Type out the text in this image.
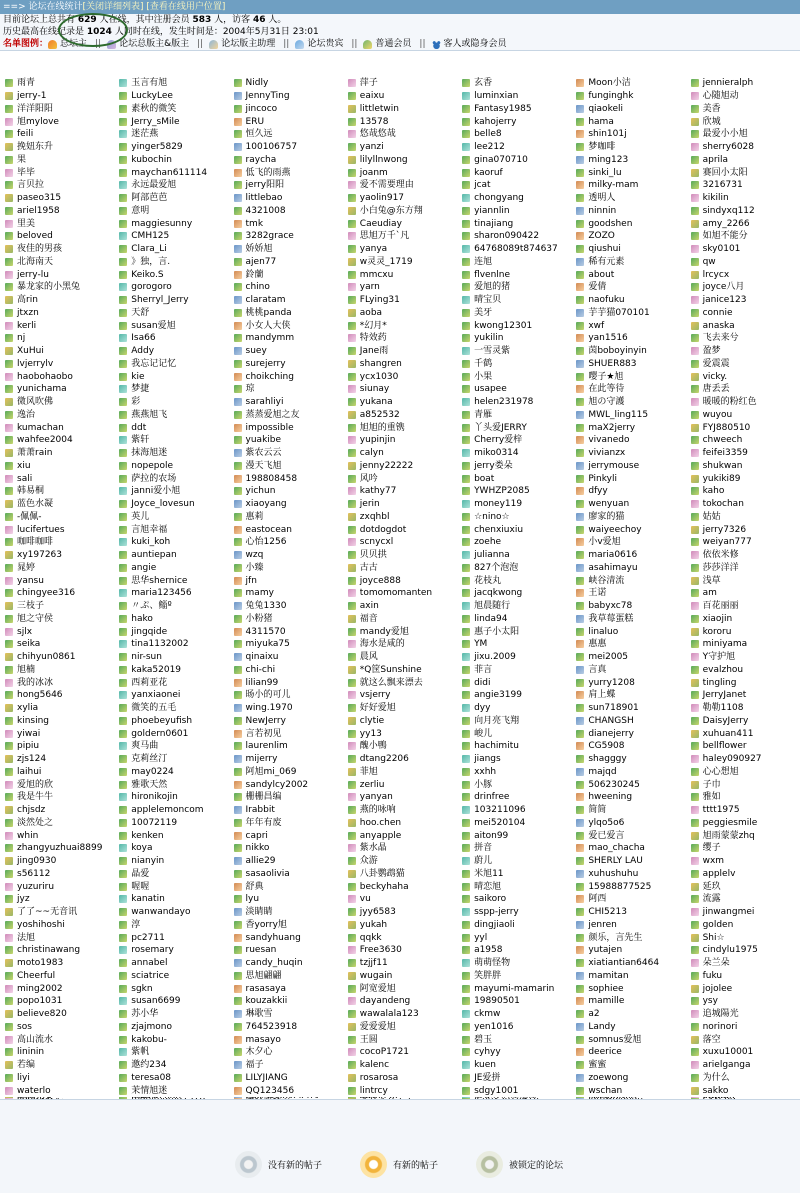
==> 论坛在线统计[关闭详细列表] [查看在线用户位置]
目前论坛上总共有 629 人在线，其中注册会员 583 人，访客 46 人。
历史最高在线纪录是 1024 人同时在线，发生时间是：2004年5月31日 23:01
名单图例： 总坛主 || 论坛总版主&版主 || 论坛版主助理 || 论坛贵宾 || 普通会员 || 客人或隐身会员
雨青
jerry-1
洋洋阳阳
旭mylove
feili
挽妞东升
果
毕毕
言贝拉
paseo315
ariel1958
里美
beloved
夜佳的男孩
北海南天
jerry-lu
暴龙家的小黑兔
高rin
jtxzn
kerli
nj
XuHui
lvjerrylv
haobohaobo
yunichama
微风吹佛
逸治
kumachan
wahfee2004
萧萧rain
xiu
sali
韩易桐
蓝色水凝
-佩佩-
lucifertues
咖啡咖啡
xy197263
晁婷
yansu
chingyee316
三枝子
旭之守侯
sjlx
seika
chihyun0861
旭楠
我的冰冰
hong5646
xylia
kinsing
yiwai
pipiu
zjs124
laihui
爱旭的欣
我是牛牛
chjsdz
淡然处之
whin
zhangyuzhuai8899
jing0930
s56112
yuzuriru
jyz
了了~~无音讯
yoshihoshi
法旭
christinawang
moto1983
Cheerful
ming2002
popo1031
believe820
sos
高山流水
lininin
若编
liyi
waterlo
玉言有旭
LuckyLee
素秋的微笑
Jerry_sMile
迷茫燕
yinger5829
kubochin
maychan611114
永远最爱旭
阿部芭芭
意明
maggiesunny
CMH125
Clara_Li
》独，言.
Keiko.S
gorogoro
Sherryl_Jerry
天舒
susan爱旭
Isa66
Addy
我忘记记忆
kie
梦捷
彩
燕燕旭飞
ddt
紫轩
抹海旭迷
nopepole
萨拉的农场
janni爱小旭
Joyce_lovesun
英儿
言旭幸福
kuki_koh
auntiepan
angie
思华shernice
maria123456
〃ぷ、鲻º
hako
jingqide
tina1132002
nir-sun
kaka52019
西莉亚花
yanxiaonei
微笑的五毛
phoebeyufish
goldern0601
爽马曲
克莉丝汀
may0224
雅歌天然
hironikojin
applelemoncom
10072119
kenken
koya
nianyin
晶爱
喔喔
kanatin
wanwandayo
淳
pc2711
rosemary
annabel
sciatrice
sgkn
susan6699
苏小华
zjajmono
kakobu-
紫帆
邀约234
teresa08
茉情旭迷
Nidly
JennyTing
jincoco
ERU
恒久远
100106757
raycha
低飞的雨燕
jerry阳阳
littlebao
4321008
tmk
3282grace
娇娇旭
ajen77
鈴蘭
chino
claratam
桃桃panda
小女人大侠
mandymm
suey
surejerry
choikching
琼
sarahliyi
蒸蒸爱旭之友
impossible
yuakibe
紫农云云
漫天飞旭
198808458
yichun
xiaoyang
惠莉
eastocean
心怡1256
wzq
小臻
jfn
mamy
兔兔1330
小粉猪
4311570
miyuka75
qinaixu
chi-chi
lilian99
旸小的可儿
wing.1970
NewJerry
言若初见
laurenlim
mijerry
阿旭mi_069
sandylcy2002
栅栅昌编
Irabbit
年年有废
capri
nikko
allie29
sasaolivia
舒典
lyu
淡睛睛
香yorry旭
sandyhuang
ruesan
candy_huqin
思旭翩翩
rasasaya
kouzakkii
琳歌雪
764523918
masayo
木夕心
福子
LILYJIANG
QQ123456
萍子
eaixu
littletwin
13578
悠哉悠哉
yanzi
lilyllnwong
joanm
爱不需要理由
yaolin917
小白兔@东方翔
Caeudiay
思旭万千`凡
yanya
w灵灵_1719
mmcxu
yarn
FLying31
aoba
*幻月*
特效药
Jane雨
shangren
ycx1030
siunay
yukana
a852532
旭旭的重镌
yupinjin
calyn
jenny22222
风吟
kathy77
jerin
zxqhbl
dotdogdot
scnycxl
贝贝拱
古古
joyce888
tomomomanten
axin
福音
mandy爱旭
海水是咸的
晨风
*Q筐Sunshine
就这么飘来漂去
vsjerry
好好爱旭
clytie
yy13
醜小鴨
dtang2206
菲旭
zerliu
yanyan
燕的咏响
hoo.chen
anyapple
紫水晶
众游
八卦鹦鹉猫
beckyhaha
vu
jyy6583
yukah
qqkk
Free3630
tzjjf11
wugain
阿宽爱旭
dayandeng
wawalala123
爱爱爱旭
王圆
cocoP1721
kalenc
rosarosa
lintrcy
玄香
luminxian
Fantasy1985
kahojerry
belle8
lee212
gina070710
kaoruf
jcat
chongyang
yiannlin
tinajiang
sharon090422
64768089t874637
连旭
flvenlne
爱旭的猪
晴宝贝
美牙
kwong12301
yukilin
一雪灵紫
千鹤
小果
usapee
helen231978
青雁
丫头爱JERRY
Cherry爱梓
miko0314
jerry娄朵
boat
YWHZP2085
money119
☆nino☆
chenxiuxiu
zoehe
julianna
827个泡泡
花枝丸
jacqkwong
旭晨随行
linda94
惠子小太阳
YM
jixu.2009
菲言
didi
angie3199
dyy
向月亮飞翔
峻儿
hachimitu
jiangs
xxhh
小豚
drinfree
103211096
mei520104
aiton99
拼音
蔚儿
米旭11
晴恋旭
saikoro
sspp-jerry
dingjiaoli
yyl
a1958
萌萌怪物
笑胖胖
mayumi-mamarin
19890501
ckmw
yen1016
碧玉
cyhyy
kuen
JE爱拼
sdgy1001
Moon小洁
funginghk
qiaokeli
hama
shin101j
梦咖啡
ming123
sinki_lu
milky-mam
透明人
ninnin
goodshen
ZOZO
qiushui
稀有元素
about
爱倩
naofuku
芋芋猫070101
xwf
yan1516
茵boboyinyin
SHUER883
嘤子★旭
在此等待
旭の守護
MWL_ling115
maX2jerry
vivanedo
vivianzx
jerrymouse
Pinkyli
dfyy
wenyuan
廖家的猫
waiyeechoy
小v爱旭
maria0616
asahimayu
峡谷清流
王诺
babyxc78
我草莓蛋糕
linaluo
惠惠
mei2005
言真
yurry1208
肩上蝶
sun718901
CHANGSH
dianejerry
CG5908
shagggy
majqd
506230245
hweening
简简
ylqo5o6
爱已爱言
mao_chacha
SHERLY LAU
xuhushuhu
15988877525
阿西
CHI5213
jenren
颜乐，言先生
yutajen
xiatiantian6464
mamitan
sophiee
mamille
a2
Landy
somnus爱旭
deerice
蜜蜜
zoewong
wschan
jennieralph
心随旭动
美香
欣城
最爱小小旭
sherry6028
aprila
赛回小太阳
3216731
kikilin
sindyxq112
amy_2266
如旭不能分
sky0101
qw
lrcycx
joyce八月
janice123
connie
anaska
飞去来兮
盈梦
爱震震
vicky.
唐丢丢
暖暖的粉红色
wuyou
FYJ880510
chweech
feifei3359
shukwan
yukiki89
kaho
tokochan
姑姑
jerry7326
weiyan777
依依米修
莎莎洋洋
浅草
am
百花丽丽
xiaojin
kororu
miniyama
Y守护旭
evalzhou
tingling
JerryJanet
勒勒1108
DaisyJerry
xuhuan411
bellflower
haley090927
心心想旭
子巾
雅如
tttt1975
peggiesmile
旭雨蒙蒙zhq
缨子
wxm
applelv
延玖
流露
jinwangmei
golden
Shi☆
cindylu1975
朵兰朵
fuku
jojolee
ysy
追城陽光
norinori
落空
xuxu10001
arielganga
为什么
sakko
没有新的帖子	有新的帖子	被锁定的论坛
